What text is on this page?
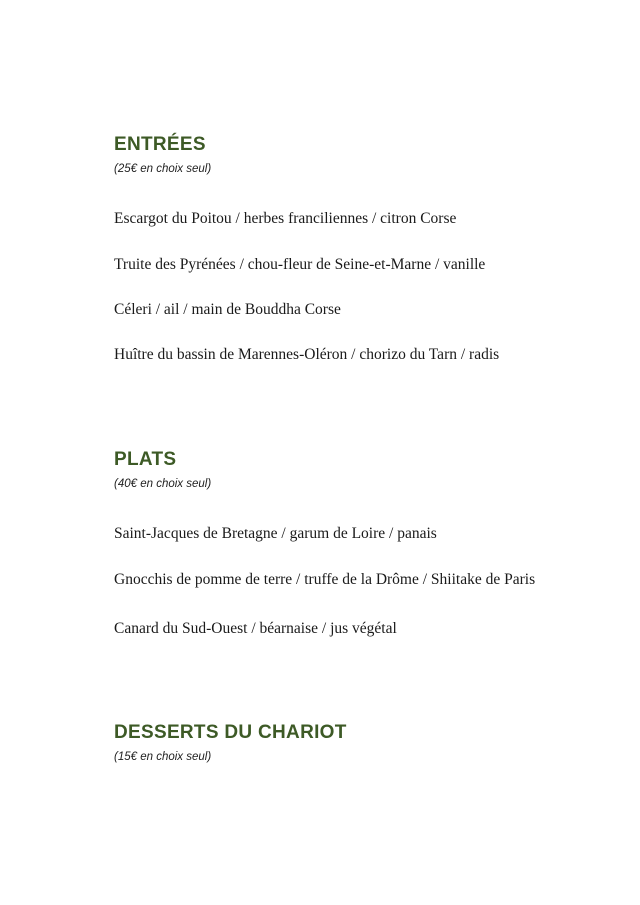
ENTRÉES

(25€ en choix seul)

Escargot du Poitou / herbes franciliennes / citron Corse
Truite des Pyrénées / chou-fleur de Seine-et-Marne / vanille
Céleri / ail / main de Bouddha Corse
Huître du bassin de Marennes-Oléron / chorizo du Tarn / radis
PLATS

(40€ en choix seul)

Saint-Jacques de Bretagne / garum de Loire / panais
Gnocchis de pomme de terre / truffe de la Drôme / Shiitake de Paris
Canard du Sud-Ouest / béarnaise / jus végétal
DESSERTS DU CHARIOT

(15€ en choix seul)
